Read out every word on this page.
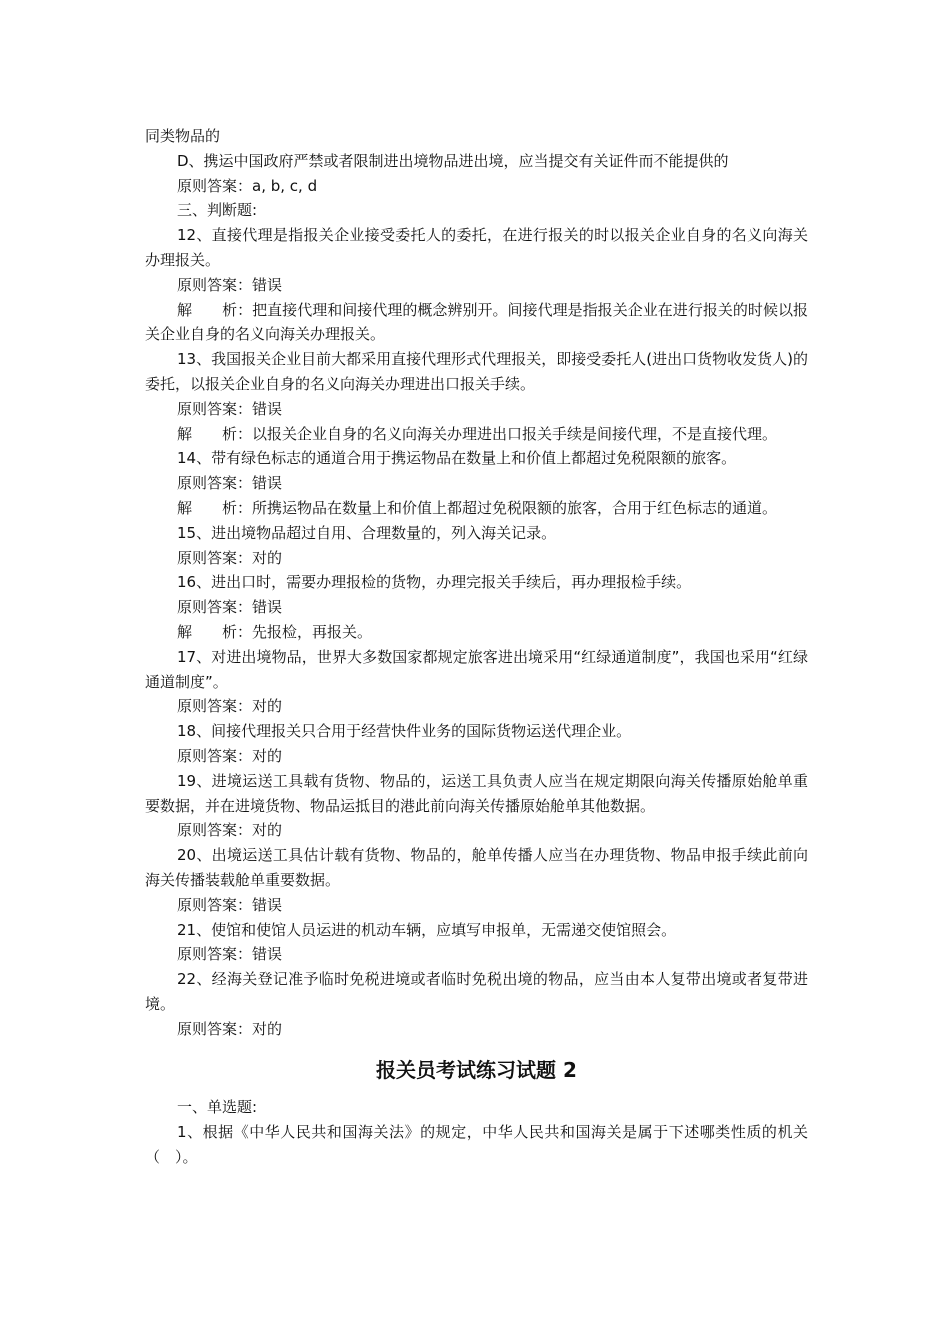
同类物品的

D、携运中国政府严禁或者限制进出境物品进出境，应当提交有关证件而不能提供的

原则答案：a, b, c, d

三、判断题:

12、直接代理是指报关企业接受委托人的委托，在进行报关的时以报关企业自身的名义向海关办理报关。

原则答案：错误

解　　析：把直接代理和间接代理的概念辨别开。间接代理是指报关企业在进行报关的时候以报关企业自身的名义向海关办理报关。

13、我国报关企业目前大都采用直接代理形式代理报关，即接受委托人(进出口货物收发货人)的委托，以报关企业自身的名义向海关办理进出口报关手续。

原则答案：错误

解　　析：以报关企业自身的名义向海关办理进出口报关手续是间接代理，不是直接代理。

14、带有绿色标志的通道合用于携运物品在数量上和价值上都超过免税限额的旅客。

原则答案：错误

解　　析：所携运物品在数量上和价值上都超过免税限额的旅客，合用于红色标志的通道。

15、进出境物品超过自用、合理数量的，列入海关记录。

原则答案：对的

16、进出口时，需要办理报检的货物，办理完报关手续后，再办理报检手续。

原则答案：错误

解　　析：先报检，再报关。

17、对进出境物品，世界大多数国家都规定旅客进出境采用“红绿通道制度”，我国也采用“红绿通道制度”。

原则答案：对的

18、间接代理报关只合用于经营快件业务的国际货物运送代理企业。

原则答案：对的

19、进境运送工具载有货物、物品的，运送工具负责人应当在规定期限向海关传播原始舱单重要数据，并在进境货物、物品运抵目的港此前向海关传播原始舱单其他数据。

原则答案：对的

20、出境运送工具估计载有货物、物品的，舱单传播人应当在办理货物、物品申报手续此前向海关传播装载舱单重要数据。

原则答案：错误

21、使馆和使馆人员运进的机动车辆，应填写申报单，无需递交使馆照会。

原则答案：错误

22、经海关登记准予临时免税进境或者临时免税出境的物品，应当由本人复带出境或者复带进境。

原则答案：对的

报关员考试练习试题 2

一、单选题:

1、根据《中华人民共和国海关法》的规定，中华人民共和国海关是属于下述哪类性质的机关（　）。
